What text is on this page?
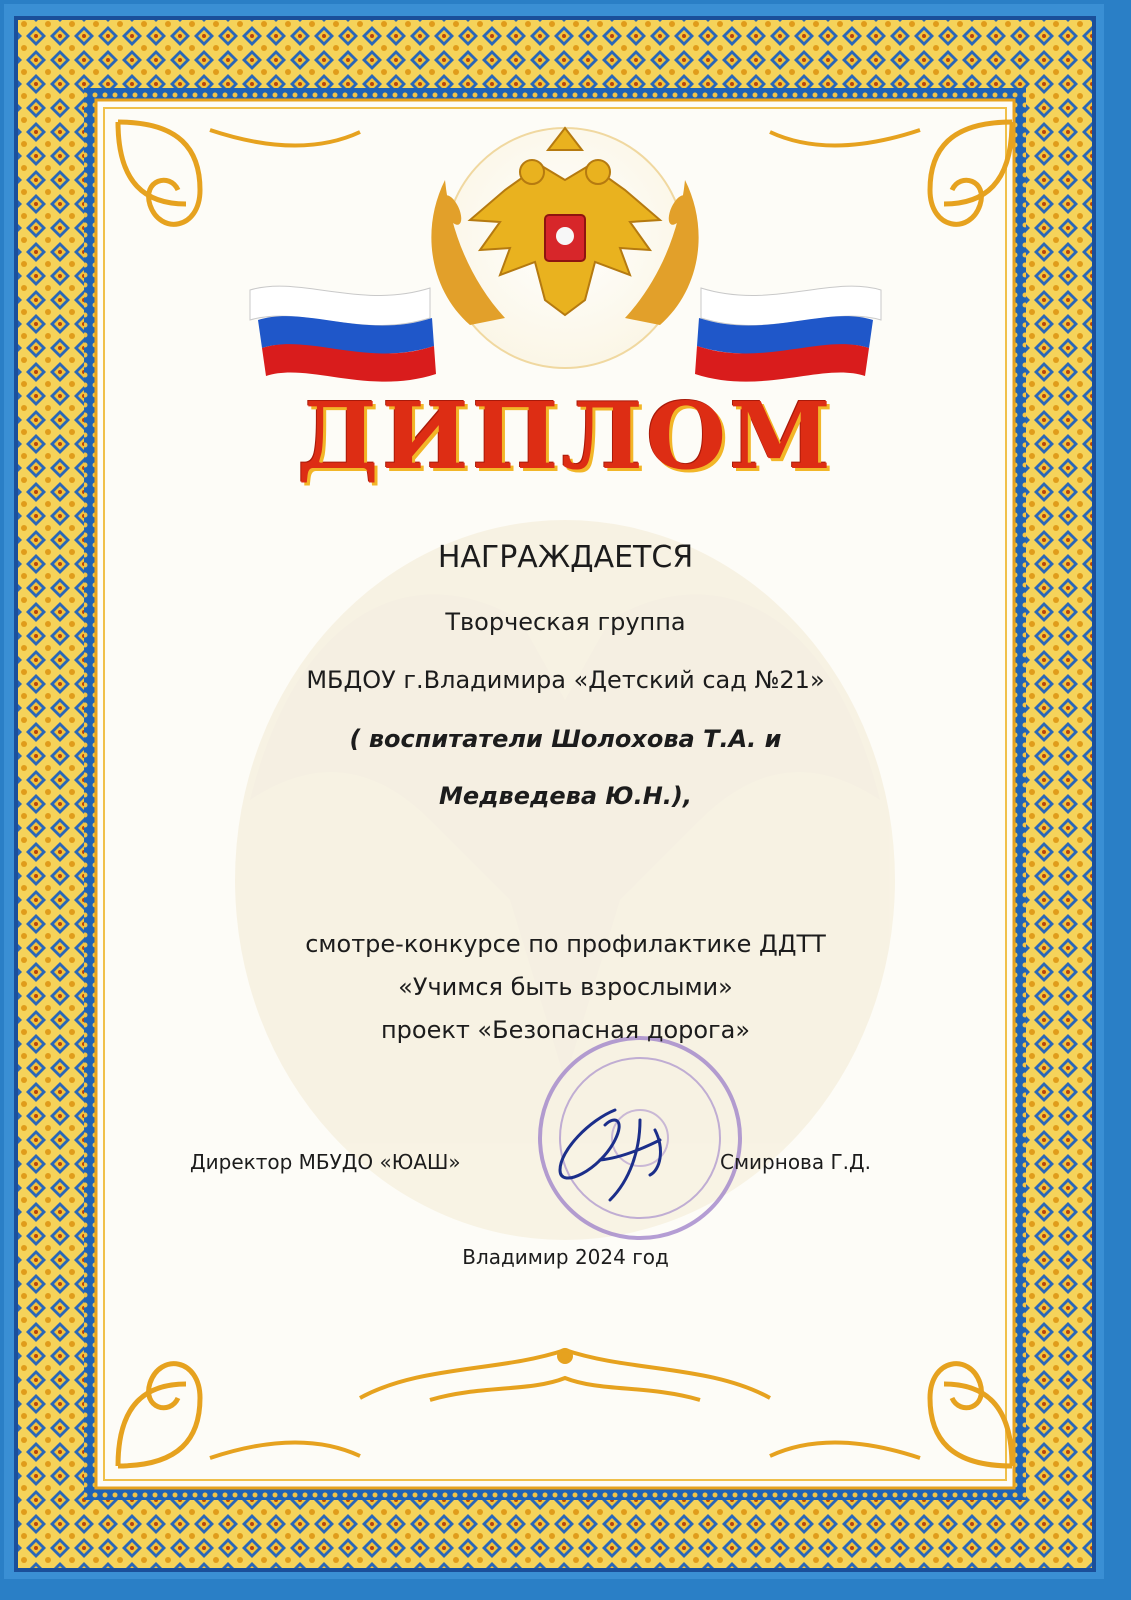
ДИПЛОМ
НАГРАЖДАЕТСЯ
Творческая группа
МБДОУ г.Владимира «Детский сад №21»
( воспитатели Шолохова Т.А. и
Медведева Ю.Н.),
смотре-конкурсе по профилактике ДДТТ
«Учимся быть взрослыми»
проект «Безопасная дорога»
Директор МБУДО «ЮАШ»	Смирнова Г.Д.
Владимир 2024 год
